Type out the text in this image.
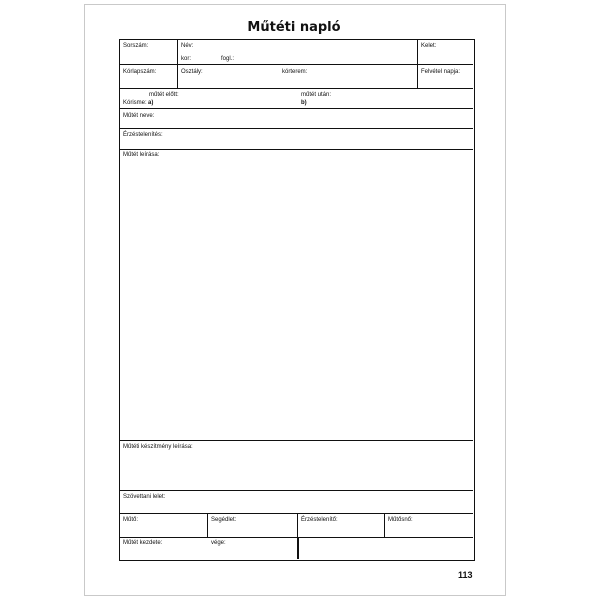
Műtéti napló
Sorszám:	Név:	Kelet:
kor:	fogl.:
Kórlapszám:	Osztály:	kórterem:	Felvétel napja:
műtét előtt:	műtét után:
Kórisme: a)	b)
Műtét neve:
Érzéstelenítés:
Műtét leírása:
Műtéti készítmény leírása:
Szövettani lelet:
Műtő:	Segédlet:	Érzéstelenítő:	Műtősnő:
Műtét kezdete:	vége:
113
